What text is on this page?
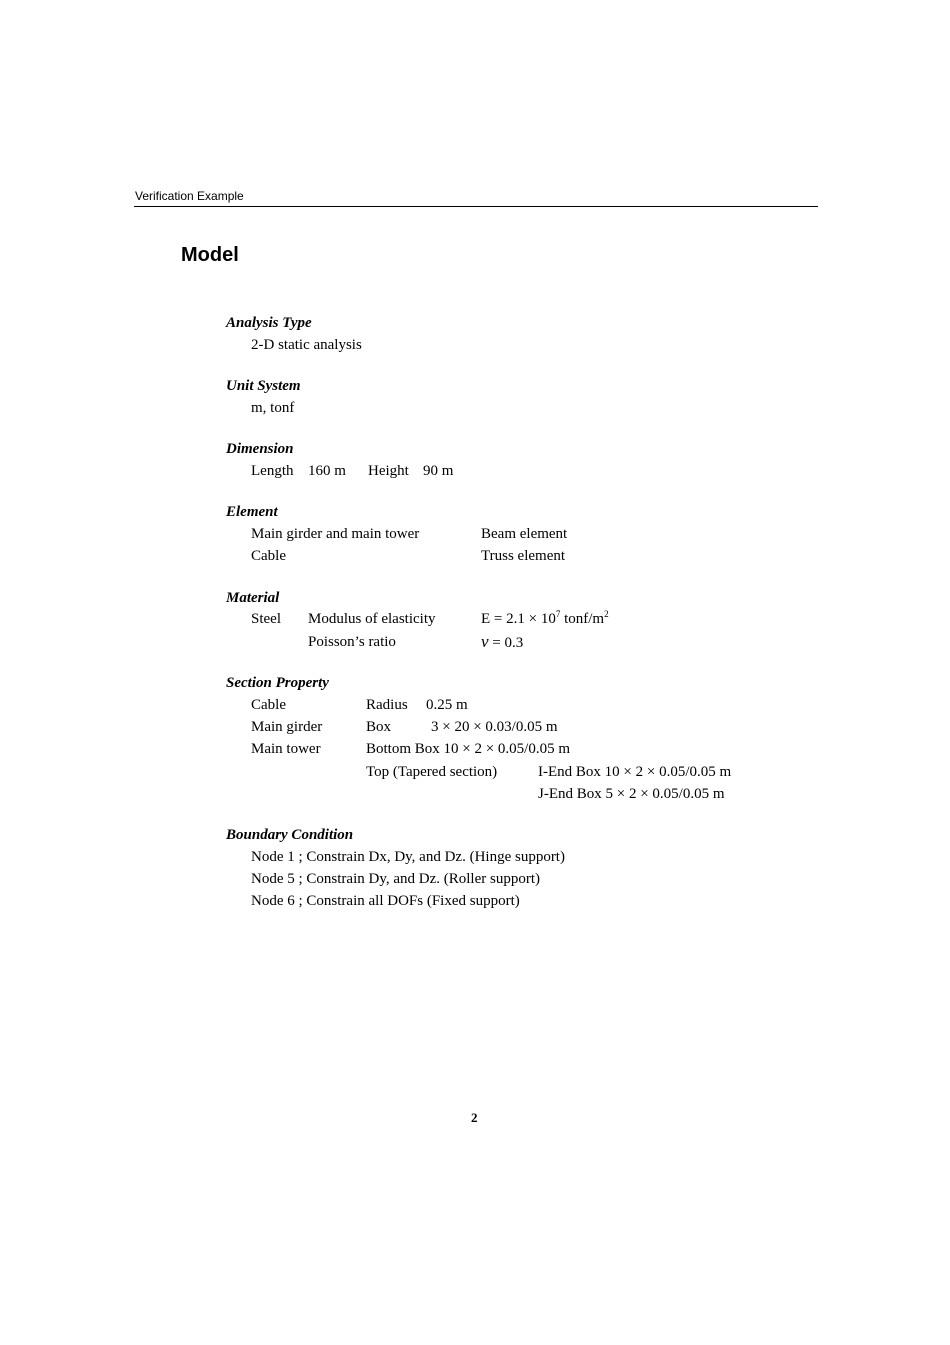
Verification Example
Model
Analysis Type
2-D static analysis
Unit System
m, tonf
Dimension
Length 160 m Height 90 m
Element
Main girder and main tower	Beam element
Cable	Truss element
Material
Steel Modulus of elasticity	$E = 2.1 \times 10^7$ tonf/$m^2$
Poisson’s ratio	ν = 0.3
Section Property
Cable	Radius 0.25 m
Main girder	Box	3 × 20 × 0.03/0.05 m
Main tower	Bottom Box 10 × 2 × 0.05/0.05 m
Top (Tapered section)	I-End Box 10 × 2 × 0.05/0.05 m
J-End Box 5 × 2 × 0.05/0.05 m
Boundary Condition
Node 1 ; Constrain Dx, Dy, and Dz. (Hinge support)
Node 5 ; Constrain Dy, and Dz. (Roller support)
Node 6 ; Constrain all DOFs (Fixed support)
2
